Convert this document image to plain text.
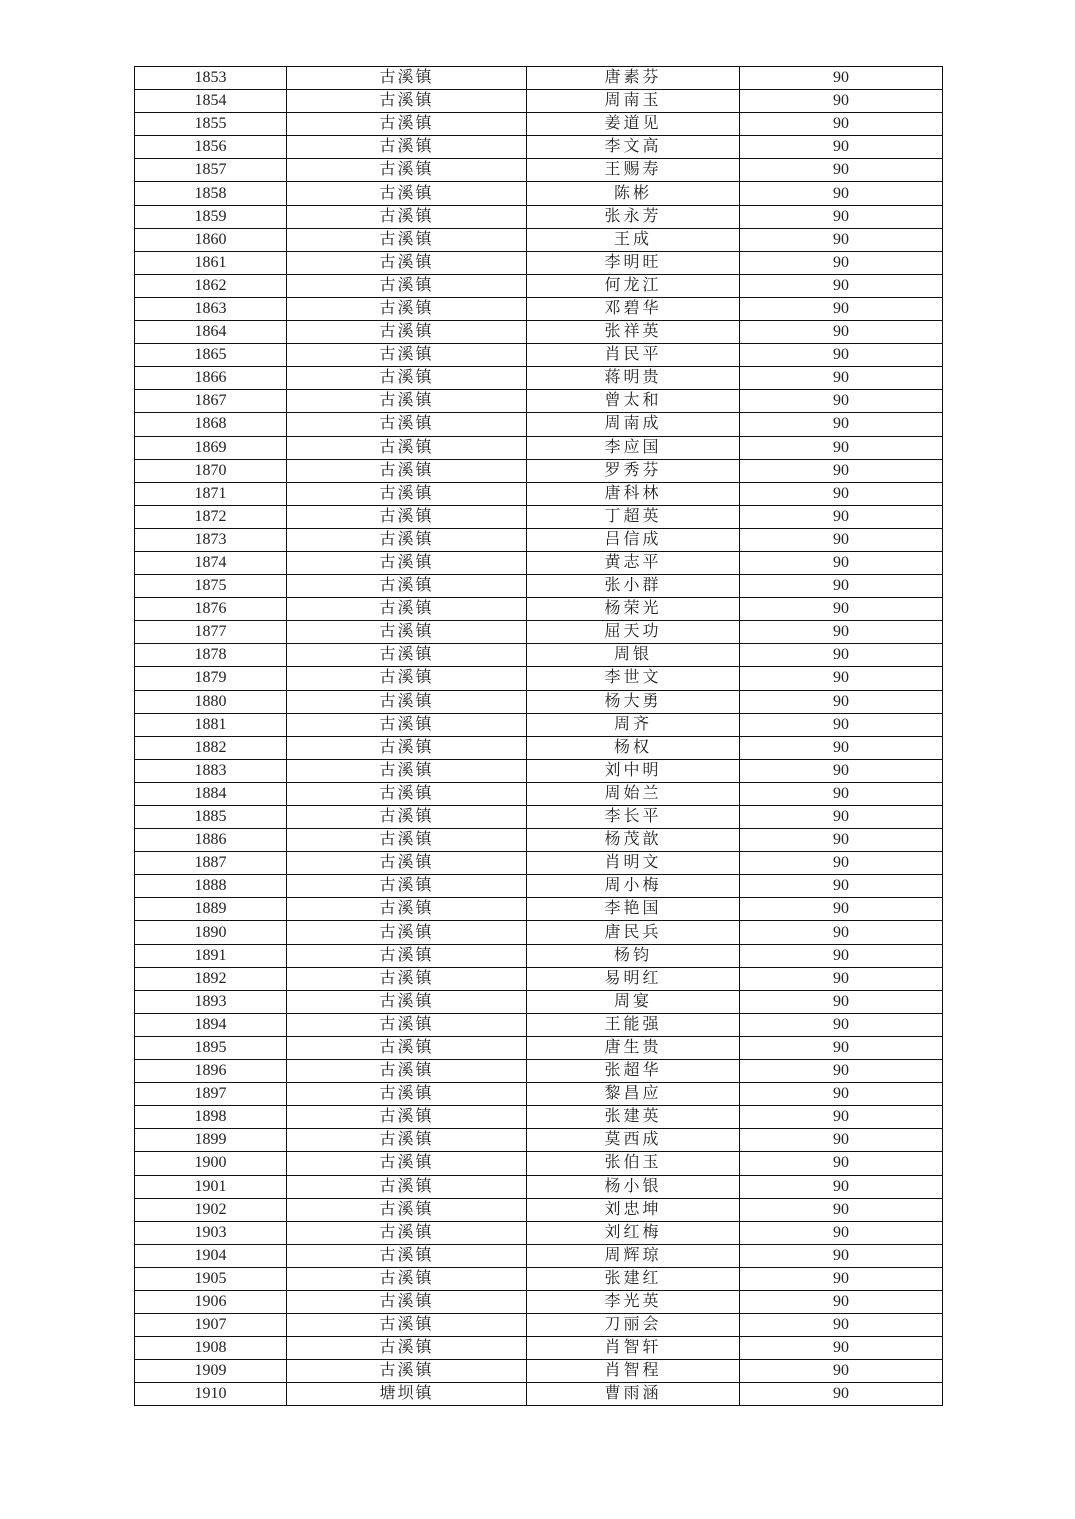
1853	古溪镇	唐素芬	90
1854	古溪镇	周南玉	90
1855	古溪镇	姜道见	90
1856	古溪镇	李文高	90
1857	古溪镇	王赐寿	90
1858	古溪镇	陈彬	90
1859	古溪镇	张永芳	90
1860	古溪镇	王成	90
1861	古溪镇	李明旺	90
1862	古溪镇	何龙江	90
1863	古溪镇	邓碧华	90
1864	古溪镇	张祥英	90
1865	古溪镇	肖民平	90
1866	古溪镇	蒋明贵	90
1867	古溪镇	曾太和	90
1868	古溪镇	周南成	90
1869	古溪镇	李应国	90
1870	古溪镇	罗秀芬	90
1871	古溪镇	唐科林	90
1872	古溪镇	丁超英	90
1873	古溪镇	吕信成	90
1874	古溪镇	黄志平	90
1875	古溪镇	张小群	90
1876	古溪镇	杨荣光	90
1877	古溪镇	屈天功	90
1878	古溪镇	周银	90
1879	古溪镇	李世文	90
1880	古溪镇	杨大勇	90
1881	古溪镇	周齐	90
1882	古溪镇	杨权	90
1883	古溪镇	刘中明	90
1884	古溪镇	周始兰	90
1885	古溪镇	李长平	90
1886	古溪镇	杨茂歆	90
1887	古溪镇	肖明文	90
1888	古溪镇	周小梅	90
1889	古溪镇	李艳国	90
1890	古溪镇	唐民兵	90
1891	古溪镇	杨钧	90
1892	古溪镇	易明红	90
1893	古溪镇	周宴	90
1894	古溪镇	王能强	90
1895	古溪镇	唐生贵	90
1896	古溪镇	张超华	90
1897	古溪镇	黎昌应	90
1898	古溪镇	张建英	90
1899	古溪镇	莫西成	90
1900	古溪镇	张伯玉	90
1901	古溪镇	杨小银	90
1902	古溪镇	刘忠坤	90
1903	古溪镇	刘红梅	90
1904	古溪镇	周辉琼	90
1905	古溪镇	张建红	90
1906	古溪镇	李光英	90
1907	古溪镇	刀丽会	90
1908	古溪镇	肖智轩	90
1909	古溪镇	肖智程	90
1910	塘坝镇	曹雨涵	90
